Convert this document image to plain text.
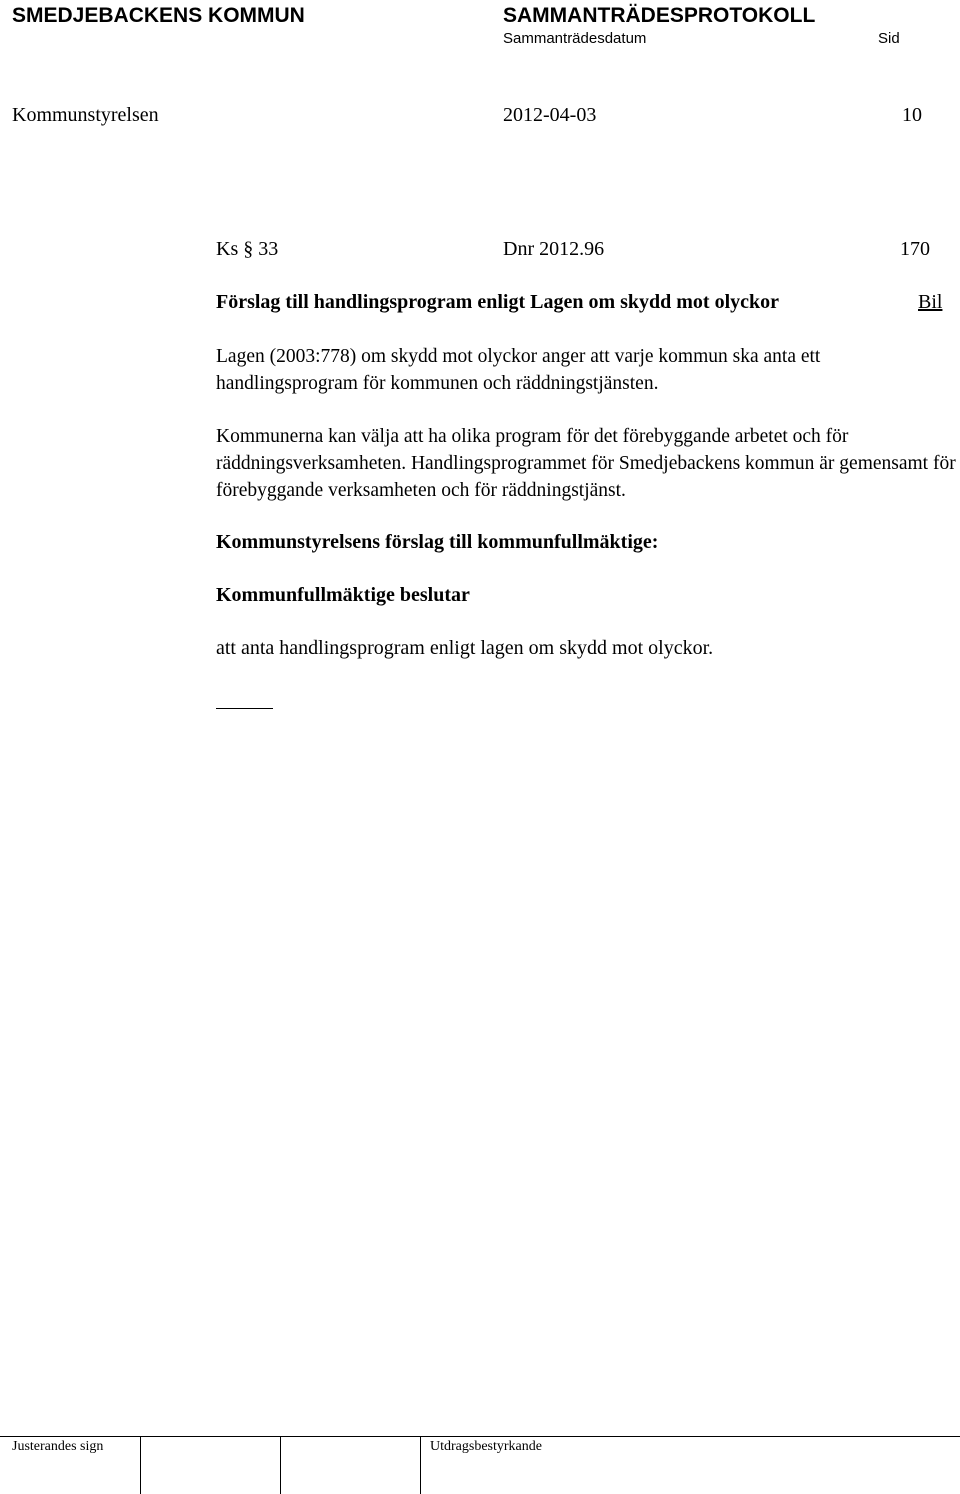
SMEDJEBACKENS KOMMUN	SAMMANTRÄDESPROTOKOLL
Sammanträdesdatum	Sid
Kommunstyrelsen	2012-04-03	10
Ks § 33	Dnr 2012.96	170
Förslag till handlingsprogram enligt Lagen om skydd mot olyckor	Bil
Lagen (2003:778) om skydd mot olyckor anger att varje kommun ska anta ett handlingsprogram för kommunen och räddningstjänsten.
Kommunerna kan välja att ha olika program för det förebyggande arbetet och för räddningsverksamheten. Handlingsprogrammet för Smedjebackens kommun är gemensamt för förebyggande verksamheten och för räddningstjänst.
Kommunstyrelsens förslag till kommunfullmäktige:
Kommunfullmäktige beslutar
att anta handlingsprogram enligt lagen om skydd mot olyckor.
Justerandes sign	Utdragsbestyrkande
